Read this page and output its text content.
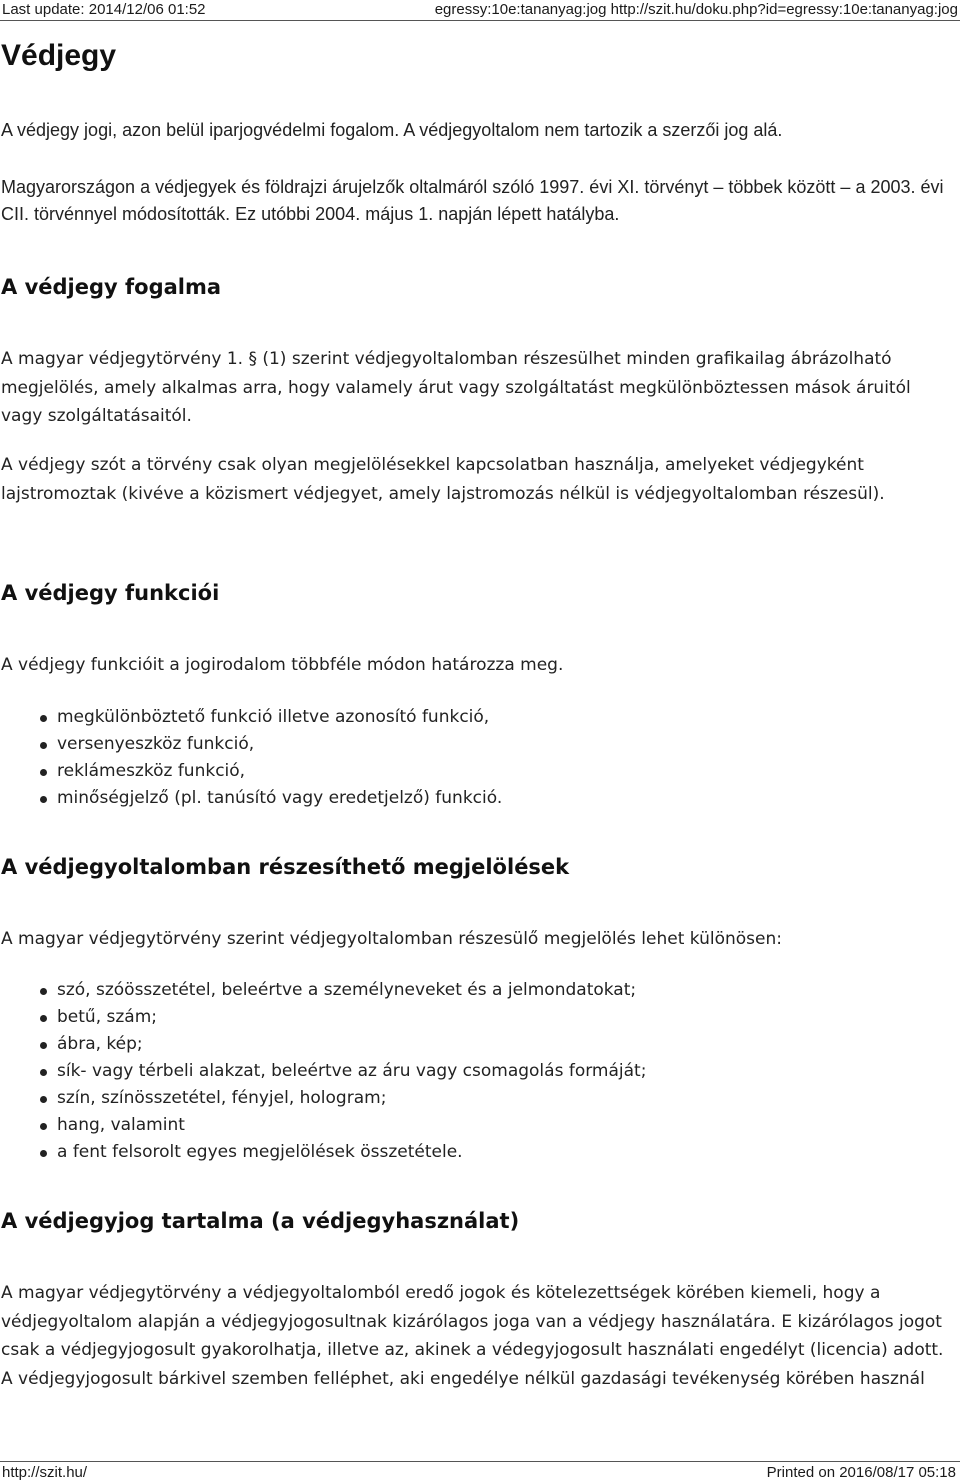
Last update: 2014/12/06 01:52	egressy:10e:tananyag:jog http://szit.hu/doku.php?id=egressy:10e:tananyag:jog
Védjegy

A védjegy jogi, azon belül iparjogvédelmi fogalom. A védjegyoltalom nem tartozik a szerzői jog alá.

Magyarországon a védjegyek és földrajzi árujelzők oltalmáról szóló 1997. évi XI. törvényt – többek között – a 2003. évi CII. törvénnyel módosították. Ez utóbbi 2004. május 1. napján lépett hatályba.

A védjegy fogalma

A magyar védjegytörvény 1. § (1) szerint védjegyoltalomban részesülhet minden grafikailag ábrázolható megjelölés, amely alkalmas arra, hogy valamely árut vagy szolgáltatást megkülönböztessen mások áruitól vagy szolgáltatásaitól.

A védjegy szót a törvény csak olyan megjelölésekkel kapcsolatban használja, amelyeket védjegyként lajstromoztak (kivéve a közismert védjegyet, amely lajstromozás nélkül is védjegyoltalomban részesül).

A védjegy funkciói

A védjegy funkcióit a jogirodalom többféle módon határozza meg.

megkülönböztető funkció illetve azonosító funkció,
versenyeszköz funkció,
reklámeszköz funkció,
minőségjelző (pl. tanúsító vagy eredetjelző) funkció.
A védjegyoltalomban részesíthető megjelölések

A magyar védjegytörvény szerint védjegyoltalomban részesülő megjelölés lehet különösen:

szó, szóösszetétel, beleértve a személyneveket és a jelmondatokat;
betű, szám;
ábra, kép;
sík- vagy térbeli alakzat, beleértve az áru vagy csomagolás formáját;
szín, színösszetétel, fényjel, hologram;
hang, valamint
a fent felsorolt egyes megjelölések összetétele.
A védjegyjog tartalma (a védjegyhasználat)

A magyar védjegytörvény a védjegyoltalomból eredő jogok és kötelezettségek körében kiemeli, hogy a védjegyoltalom alapján a védjegyjogosultnak kizárólagos joga van a védjegy használatára. E kizárólagos jogot csak a védjegyjogosult gyakorolhatja, illetve az, akinek a védegyjogosult használati engedélyt (licencia) adott. A védjegyjogosult bárkivel szemben felléphet, aki engedélye nélkül gazdasági tevékenység körében használ

http://szit.hu/	Printed on 2016/08/17 05:18
